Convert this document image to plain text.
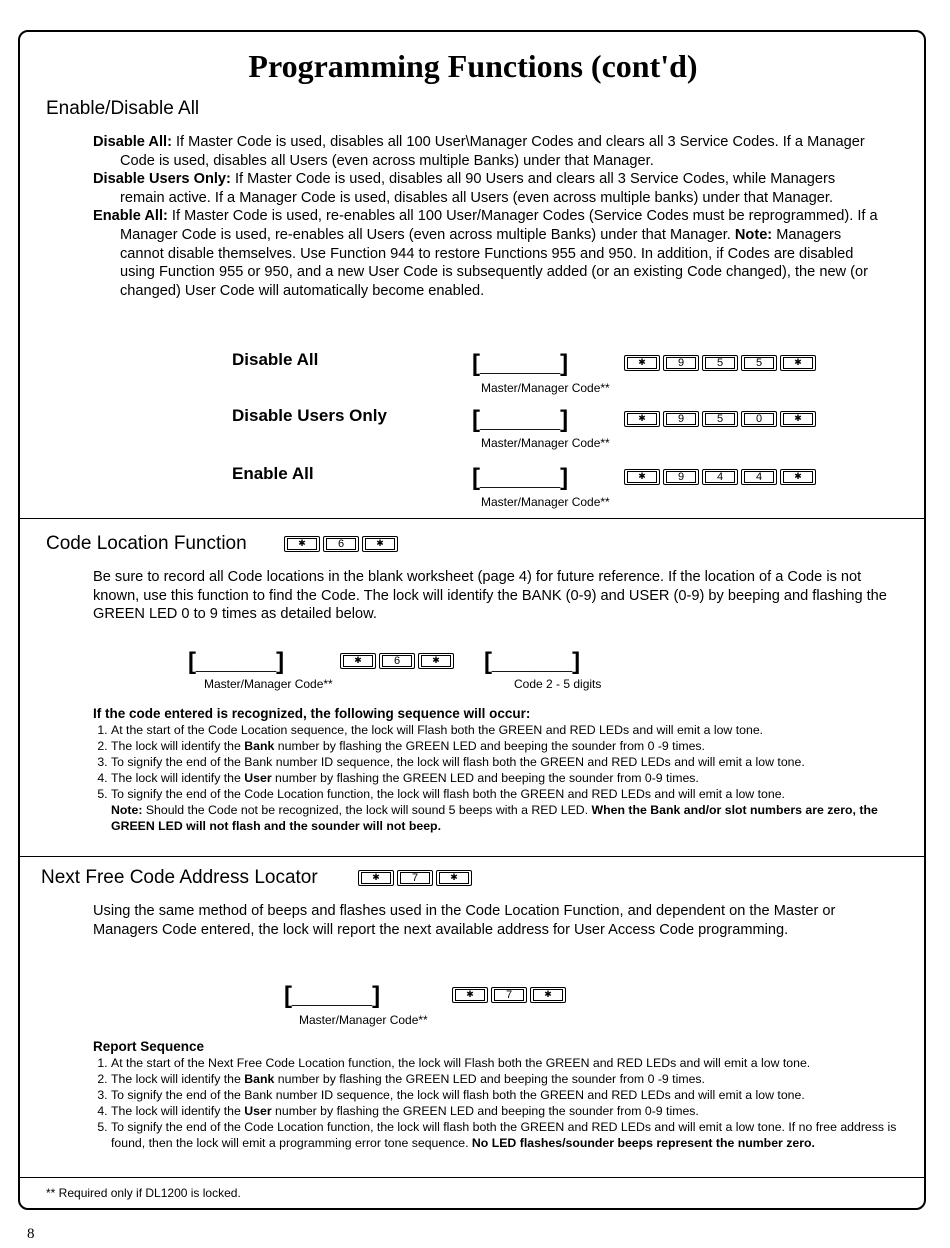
Programming Functions (cont'd)
Enable/Disable All

Disable All: If Master Code is used, disables all 100 User\Manager Codes and clears all 3 Service Codes. If a Manager Code is used, disables all Users (even across multiple Banks) under that Manager.

Disable Users Only: If Master Code is used, disables all 90 Users and clears all 3 Service Codes, while Managers remain active. If a Manager Code is used, disables all Users (even across multiple banks) under that Manager.

Enable All: If Master Code is used, re-enables all 100 User/Manager Codes (Service Codes must be reprogrammed). If a Manager Code is used, re-enables all Users (even across multiple Banks) under that Manager. Note: Managers cannot disable themselves. Use Function 944 to restore Functions 955 and 950. In addition, if Codes are disabled using Function 955 or 950, and a new User Code is subsequently added (or an existing Code changed), the new (or changed) User Code will automatically become enabled.

Disable All	[______]	✱	9	5	5	✱
Master/Manager Code**
Disable Users Only	[______]	✱	9	5	0	✱
Master/Manager Code**
Enable All	[______]	✱	9	4	4	✱
Master/Manager Code**
Code Location Function	✱	6	✱
Be sure to record all Code locations in the blank worksheet (page 4) for future reference. If the location of a Code is not known, use this function to find the Code. The lock will identify the BANK (0-9) and USER (0-9) by beeping and flashing the GREEN LED 0 to 9 times as detailed below.
[______]	✱	6	✱ [______]
Master/Manager Code**	Code 2 - 5 digits
If the code entered is recognized, the following sequence will occur:
1. At the start of the Code Location sequence, the lock will Flash both the GREEN and RED LEDs and will emit a low tone.
2. The lock will identify the Bank number by flashing the GREEN LED and beeping the sounder from 0 -9 times.
3. To signify the end of the Bank number ID sequence, the lock will flash both the GREEN and RED LEDs and will emit a low tone.
4. The lock will identify the User number by flashing the GREEN LED and beeping the sounder from 0-9 times.
5. To signify the end of the Code Location function, the lock will flash both the GREEN and RED LEDs and will emit a low tone.
Note: Should the Code not be recognized, the lock will sound 5 beeps with a RED LED. When the Bank and/or slot numbers are zero, the GREEN LED will not flash and the sounder will not beep.
Next Free Code Address Locator	✱	7	✱
Using the same method of beeps and flashes used in the Code Location Function, and dependent on the Master or Managers Code entered, the lock will report the next available address for User Access Code programming.
[______]	✱	7	✱
Master/Manager Code**
Report Sequence
1. At the start of the Next Free Code Location function, the lock will Flash both the GREEN and RED LEDs and will emit a low tone.
2. The lock will identify the Bank number by flashing the GREEN LED and beeping the sounder from 0 -9 times.
3. To signify the end of the Bank number ID sequence, the lock will flash both the GREEN and RED LEDs and will emit a low tone.
4. The lock will identify the User number by flashing the GREEN LED and beeping the sounder from 0-9 times.
5. To signify the end of the Code Location function, the lock will flash both the GREEN and RED LEDs and will emit a low tone. If no free address is found, then the lock will emit a programming error tone sequence. No LED flashes/sounder beeps represent the number zero.
** Required only if DL1200 is locked.
8
